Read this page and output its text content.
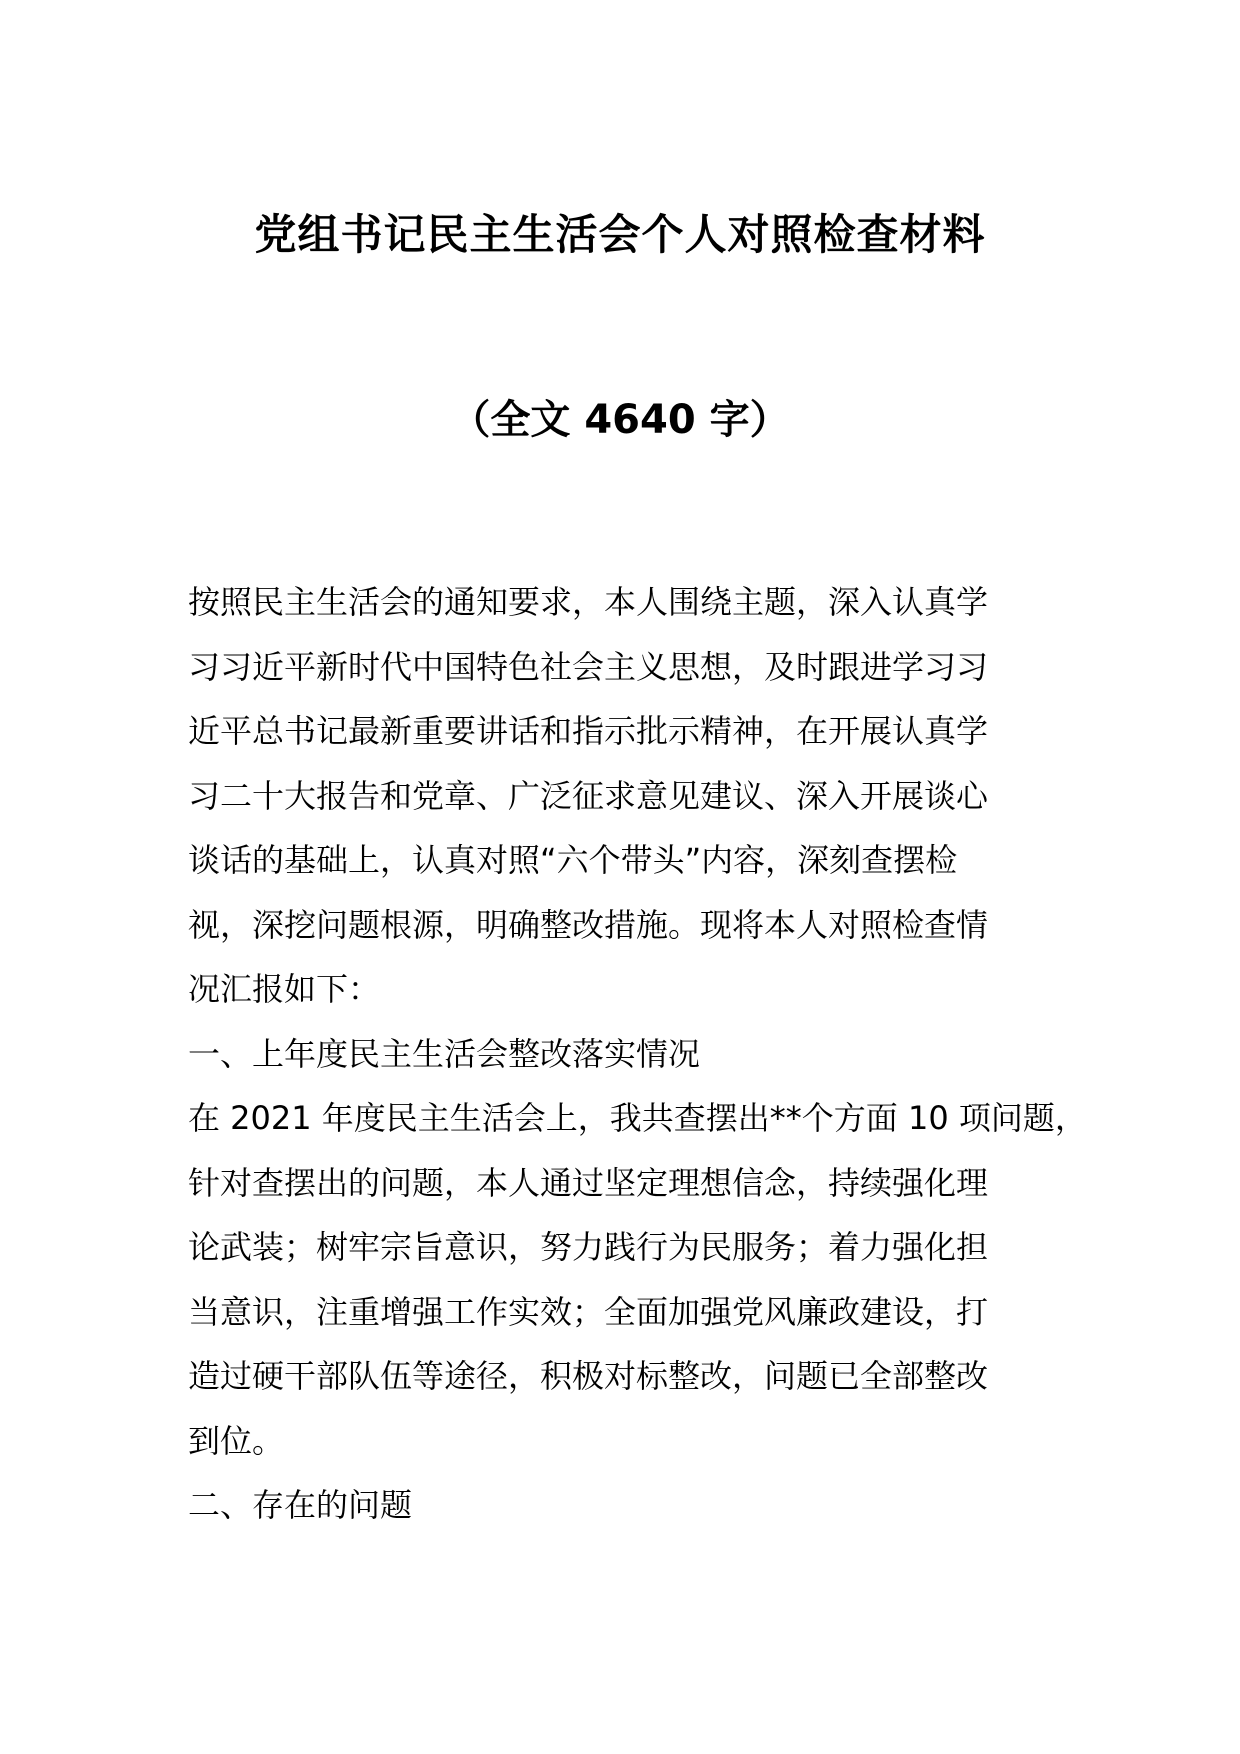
党组书记民主生活会个人对照检查材料
（全文 4640 字）

按照民主生活会的通知要求，本人围绕主题，深入认真学
习习近平新时代中国特色社会主义思想，及时跟进学习习
近平总书记最新重要讲话和指示批示精神，在开展认真学
习二十大报告和党章、广泛征求意见建议、深入开展谈心
谈话的基础上，认真对照“六个带头”内容，深刻查摆检
视，深挖问题根源，明确整改措施。现将本人对照检查情
况汇报如下：

一、上年度民主生活会整改落实情况

在 2021 年度民主生活会上，我共查摆出**个方面 10 项问题，
针对查摆出的问题，本人通过坚定理想信念，持续强化理
论武装；树牢宗旨意识，努力践行为民服务；着力强化担
当意识，注重增强工作实效；全面加强党风廉政建设，打
造过硬干部队伍等途径，积极对标整改，问题已全部整改
到位。

二、存在的问题
